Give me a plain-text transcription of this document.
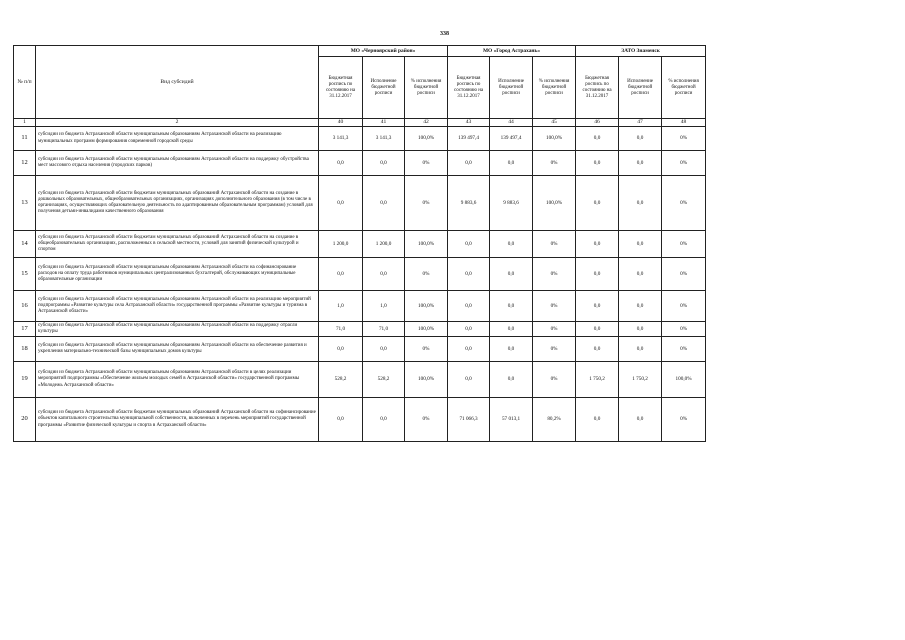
338
№ п/п	Вид субсидий	МО «Черноярский район»			МО «Город Астрахань»			ЗАТО Знаменск		
		Бюджетная роспись по состоянию на 31.12.2017	Исполнение бюджетной росписи	% исполнения бюджетной росписи	Бюджетная роспись по состоянию на 31.12.2017	Исполнение бюджетной росписи	% исполнения бюджетной росписи	Бюджетная роспись по состоянию на 31.12.2017	Исполнение бюджетной росписи	% исполнения бюджетной росписи
1	2	40	41	42	43	44	45	46	47	48
11	субсидии из бюджета Астраханской области муниципальным образованиям Астраханской области на реализацию муниципальных программ формирования современной городской среды	3 141,3	3 141,3	100,0%	139 497,4	139 497,4	100,0%	0,0	0,0	0%
12	субсидии из бюджета Астраханской области муниципальным образованиям Астраханской области на поддержку обустройства мест массового отдыха населения (городских парков)	0,0	0,0	0%	0,0	0,0	0%	0,0	0,0	0%
13	субсидии из бюджета Астраханской области бюджетам муниципальных образований Астраханской области на создание в дошкольных образовательных, общеобразовательных организациях, организациях дополнительного образования (в том числе в организациях, осуществляющих образовательную деятельность по адаптированным образовательным программам) условий для получения детьми-инвалидами качественного образования	0,0	0,0	0%	9 883,6	9 883,6	100,0%	0,0	0,0	0%
14	субсидии из бюджета Астраханской области бюджетам муниципальных образований Астраханской области на создание в общеобразовательных организациях, расположенных в сельской местности, условий для занятий физической культурой и спортом	1 200,0	1 200,0	100,0%	0,0	0,0	0%	0,0	0,0	0%
15	субсидии из бюджета Астраханской области муниципальным образованиям Астраханской области на софинансирование расходов на оплату труда работников муниципальных централизованных бухгалтерий, обслуживающих муниципальные образовательные организации	0,0	0,0	0%	0,0	0,0	0%	0,0	0,0	0%
16	субсидии из бюджета Астраханской области муниципальным образованиям Астраханской области на реализацию мероприятий подпрограммы «Развитие культуры села Астраханской области» государственной программы «Развитие культуры и туризма в Астраханской области»	1,0	1,0	100,0%	0,0	0,0	0%	0,0	0,0	0%
17	субсидии из бюджета Астраханской области муниципальным образованиям Астраханской области на поддержку отрасли культуры	71,0	71,0	100,0%	0,0	0,0	0%	0,0	0,0	0%
18	субсидии из бюджета Астраханской области муниципальным образованиям Астраханской области на обеспечение развития и укрепления материально-технической базы муниципальных домов культуры	0,0	0,0	0%	0,0	0,0	0%	0,0	0,0	0%
19	субсидии из бюджета Астраханской области муниципальным образованиям Астраханской области в целях реализации мероприятий подпрограммы «Обеспечение жильем молодых семей в Астраханской области» государственной программы «Молодежь Астраханской области»	528,2	528,2	100,0%	0,0	0,0	0%	1 750,2	1 750,2	100,0%
20	субсидии из бюджета Астраханской области бюджетам муниципальных образований Астраханской области на софинансирование объектов капитального строительства муниципальной собственности, включенных в перечень мероприятий государственной программы «Развитие физической культуры и спорта в Астраханской области»	0,0	0,0	0%	71 066,3	57 013,1	80,2%	0,0	0,0	0%
